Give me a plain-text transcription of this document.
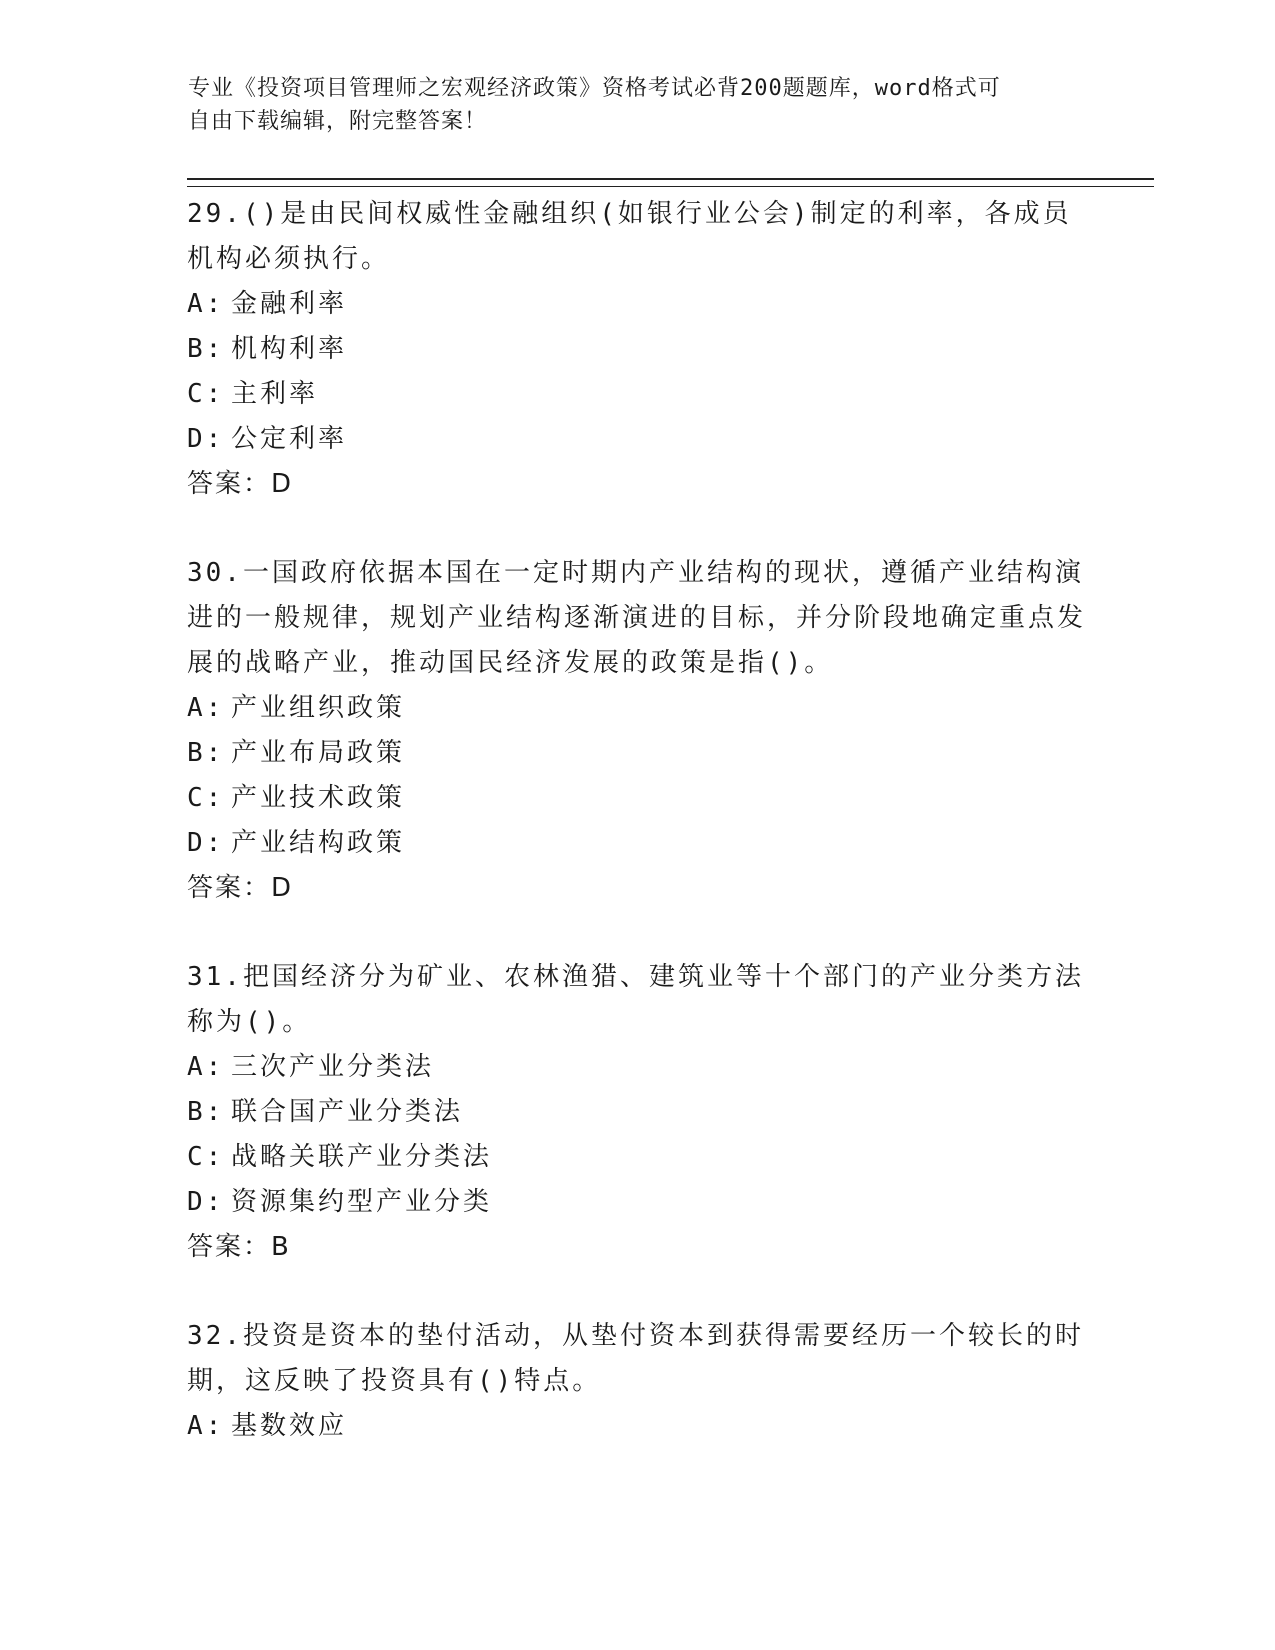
专业《投资项目管理师之宏观经济政策》资格考试必背200题题库，word格式可
自由下载编辑，附完整答案！

29.()是由民间权威性金融组织(如银行业公会)制定的利率，各成员机构必须执行。

A: 金融利率
B: 机构利率
C: 主利率
D: 公定利率
答案：D

30.一国政府依据本国在一定时期内产业结构的现状，遵循产业结构演进的一般规律，规划产业结构逐渐演进的目标，并分阶段地确定重点发展的战略产业，推动国民经济发展的政策是指()。

A: 产业组织政策
B: 产业布局政策
C: 产业技术政策
D: 产业结构政策
答案：D

31.把国经济分为矿业、农林渔猎、建筑业等十个部门的产业分类方法称为()。

A: 三次产业分类法
B: 联合国产业分类法
C: 战略关联产业分类法
D: 资源集约型产业分类
答案：B

32.投资是资本的垫付活动，从垫付资本到获得需要经历一个较长的时期，这反映了投资具有()特点。

A: 基数效应
